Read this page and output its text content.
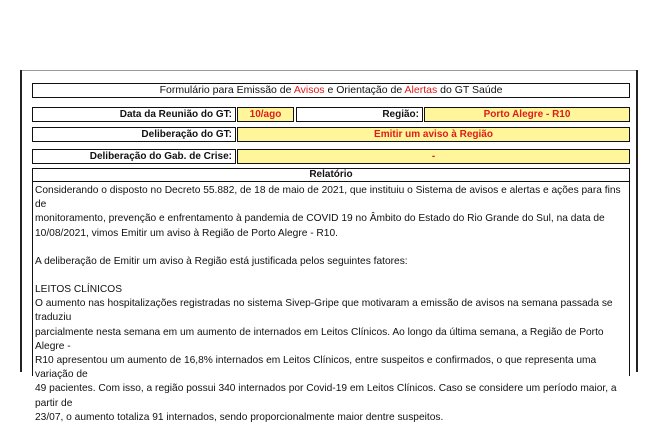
Formulário para Emissão de Avisos e Orientação de Alertas do GT Saúde
Data da Reunião do GT:	10/ago	Região:	Porto Alegre - R10
Deliberação do GT:	Emitir um aviso à Região
Deliberação do Gab. de Crise:	-
Relatório

Considerando o disposto no Decreto 55.882, de 18 de maio de 2021, que instituiu o Sistema de avisos e alertas e ações para fins de
monitoramento, prevenção e enfrentamento à pandemia de COVID 19 no Âmbito do Estado do Rio Grande do Sul, na data de
10/08/2021, vimos Emitir um aviso à Região de Porto Alegre - R10.

A deliberação de Emitir um aviso à Região está justificada pelos seguintes fatores:

LEITOS CLÍNICOS

O aumento nas hospitalizações registradas no sistema Sivep-Gripe que motivaram a emissão de avisos na semana passada se traduziu
parcialmente nesta semana em um aumento de internados em Leitos Clínicos. Ao longo da última semana, a Região de Porto Alegre -
R10 apresentou um aumento de 16,8% internados em Leitos Clínicos, entre suspeitos e confirmados, o que representa uma variação de
49 pacientes. Com isso, a região possui 340 internados por Covid-19 em Leitos Clínicos. Caso se considere um período maior, a partir de
23/07, o aumento totaliza 91 internados, sendo proporcionalmente maior dentre suspeitos.
